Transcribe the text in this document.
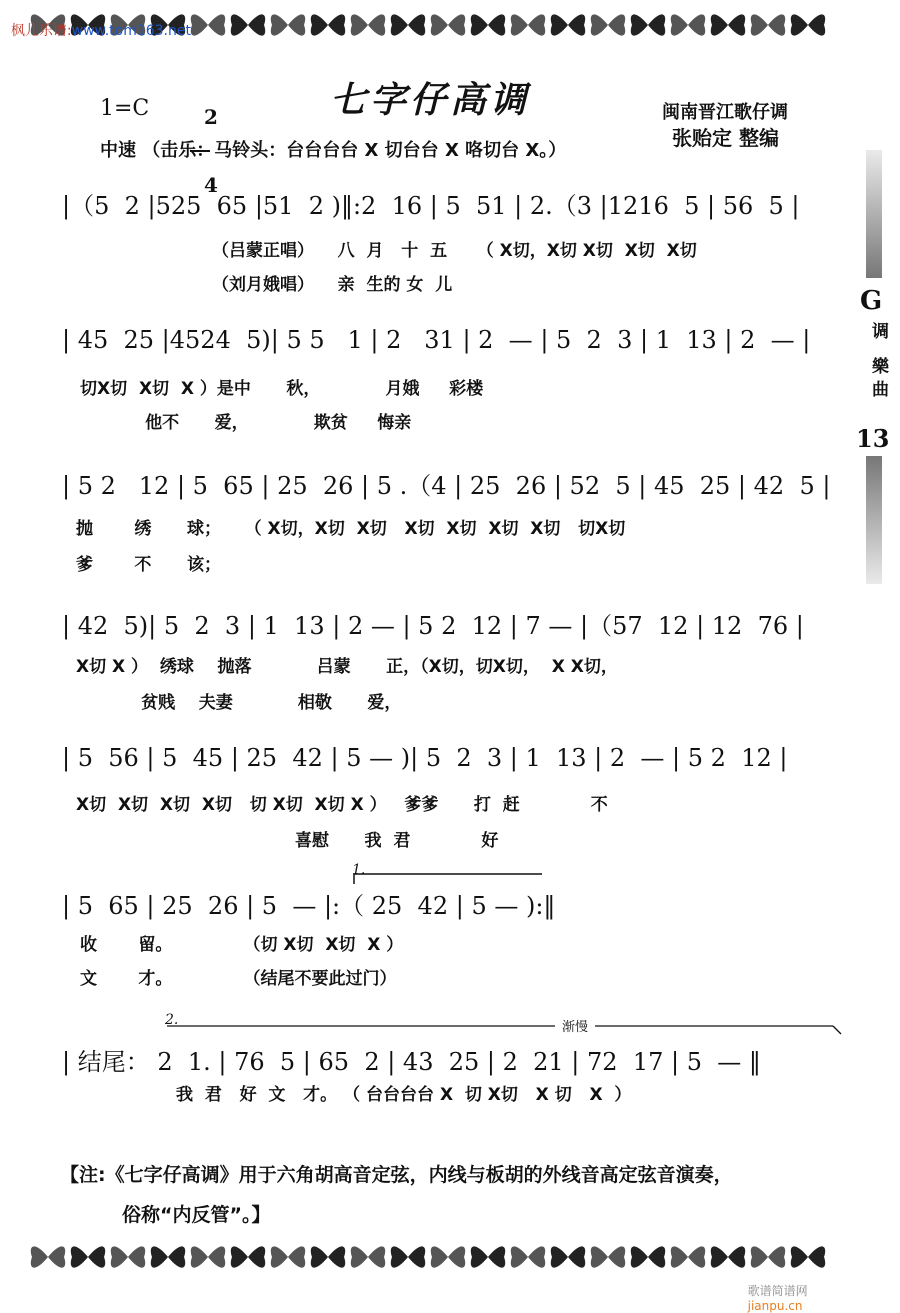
枫儿乐谱:www.tom163.net

1=C	2

4

七字仔高调	闽南晋江歌仔调
张贻定 整编
中速 （击乐：马铃头：台台台台 X 切台台 X 咯切台 X。）
G
调 樂曲
13
|（5  2 |525  65 |51  2 )‖:2  16 | 5  51 | 2.（3 |1216  5 | 56  5 |
（吕蒙正唱）    八  月   十  五     （ X切，X切 X切  X切  X切
（刘月娥唱）    亲  生的 女  儿
| 45  25 |4524  5)| 5 5   1 | 2   31 | 2  — | 5  2  3 | 1  13 | 2  — |
切X切  X切  X ）是中      秋，           月娥     彩楼
他不      爱，           欺贫     悔亲
| 5 2   12 | 5  65 | 25  26 | 5 .（4 | 25  26 | 52  5 | 45  25 | 42  5 |
抛       绣      球；    （ X切，X切  X切   X切  X切  X切  X切   切X切
爹       不      该；
| 42  5)| 5  2  3 | 1  13 | 2 — | 5 2  12 | 7 — |（57  12 | 12  76 |
X切 X ）  绣球    抛落           吕蒙      正，（X切，切X切，  X X切，
贫贱    夫妻           相敬      爱，
| 5  56 | 5  45 | 25  42 | 5 — )| 5  2  3 | 1  13 | 2  — | 5 2  12 |
X切  X切  X切  X切   切 X切  X切 X ）   爹爹      打  赶            不
喜慰      我  君            好
1.
| 5  65 | 25  26 | 5  — |:（ 25  42 | 5 — ):‖
收       留。            （切 X切  X切  X ）
文       才。            （结尾不要此过门）
2.	渐慢
| 结尾： 2  1. | 76  5 | 65  2 | 43  25 | 2  21 | 72  17 | 5  — ‖
我  君   好  文   才。 （ 台台台台 X  切 X切   X 切   X  ）
【注:《七字仔高调》用于六角胡高音定弦，内线与板胡的外线音高定弦音演奏，
俗称“内反管”。】

歌谱简谱网
jianpu.cn
